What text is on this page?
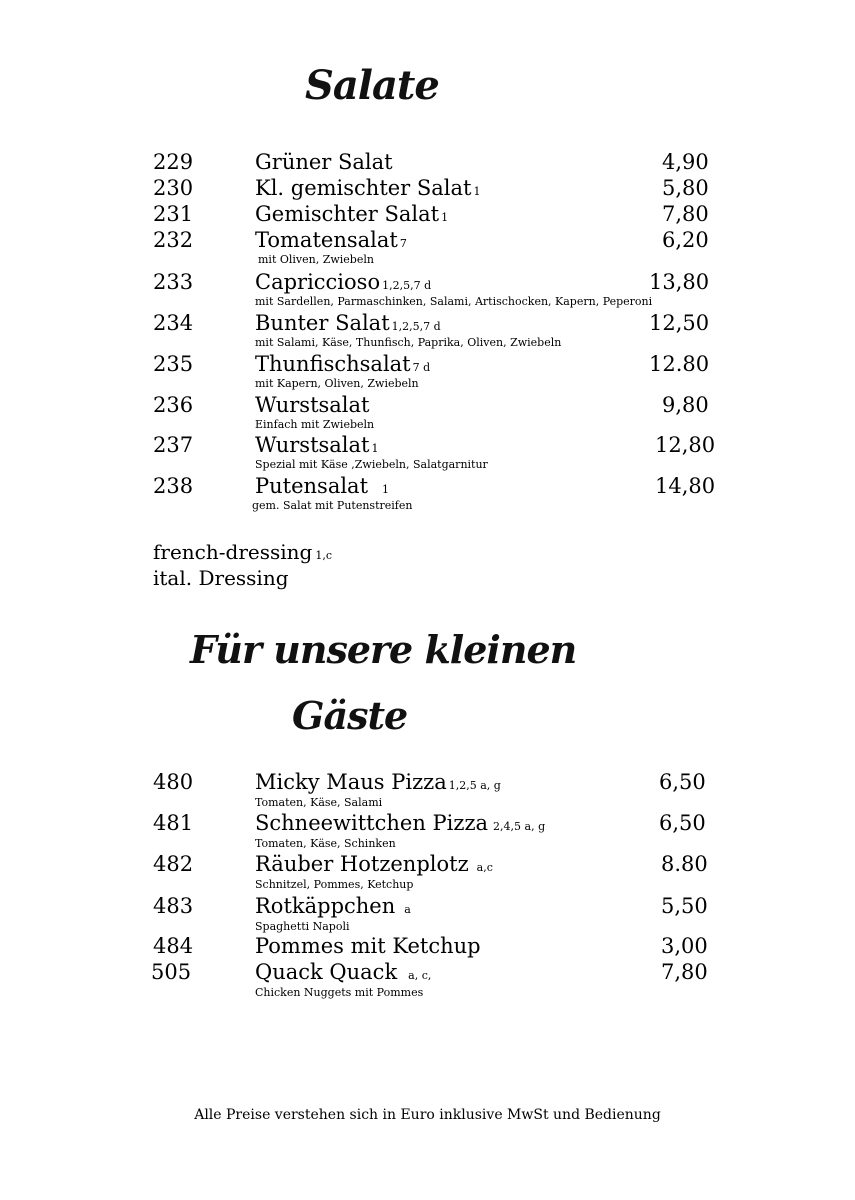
Salate
229	Grüner Salat	4,90
230	Kl. gemischter Salat 1	5,80
231	Gemischter Salat 1	7,80
232	Tomatensalat 7	6,20
mit Oliven, Zwiebeln
233	Capriccioso 1,2,5,7 d	13,80
mit Sardellen, Parmaschinken, Salami, Artischocken, Kapern, Peperoni
234	Bunter Salat 1,2,5,7 d	12,50
mit Salami, Käse, Thunfisch, Paprika, Oliven, Zwiebeln
235	Thunfischsalat 7 d	12.80
mit Kapern, Oliven, Zwiebeln
236	Wurstsalat	9,80
Einfach mit Zwiebeln
237	Wurstsalat 1	12,80
Spezial mit Käse ,Zwiebeln, Salatgarnitur
238	Putensalat 1	14,80
gem. Salat mit Putenstreifen
french-dressing 1,c
ital. Dressing
Für unsere kleinen
Gäste
480	Micky Maus Pizza 1,2,5 a, g	6,50
Tomaten, Käse, Salami
481	Schneewittchen Pizza 2,4,5 a, g	6,50
Tomaten, Käse, Schinken
482	Räuber Hotzenplotz a,c	8.80
Schnitzel, Pommes, Ketchup
483	Rotkäppchen a	5,50
Spaghetti Napoli
484	Pommes mit Ketchup	3,00
505	Quack Quack a, c,	7,80
Chicken Nuggets mit Pommes
Alle Preise verstehen sich in Euro inklusive MwSt und Bedienung
